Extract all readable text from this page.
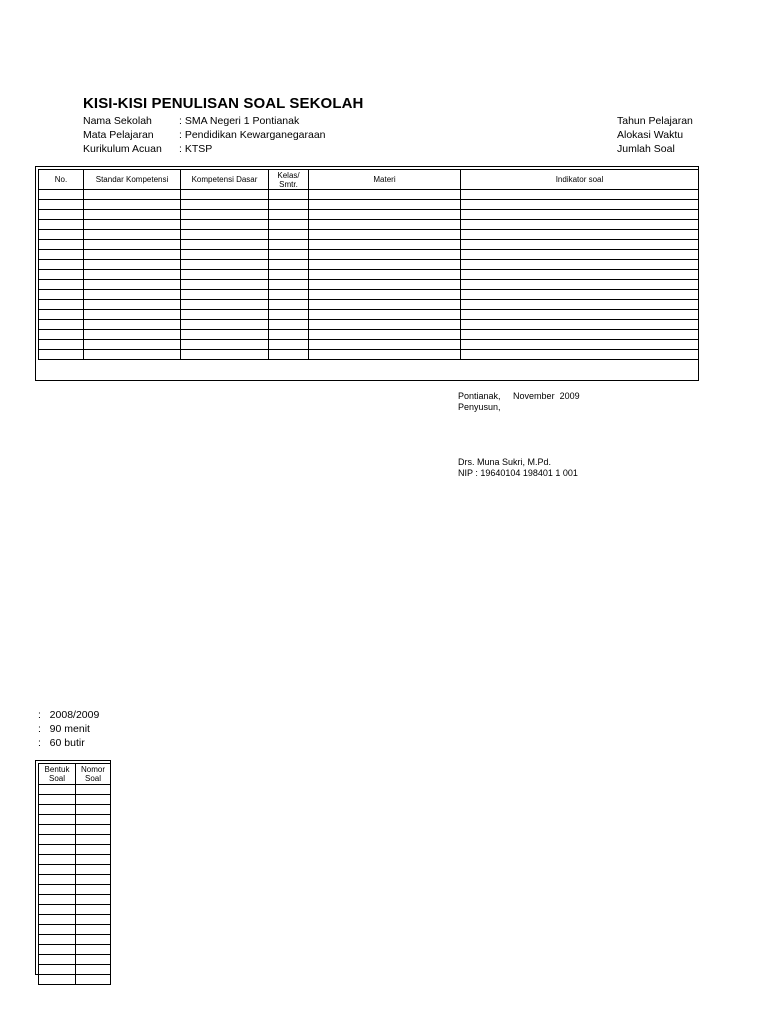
KISI-KISI PENULISAN SOAL SEKOLAH
Nama Sekolah	: SMA Negeri 1 Pontianak
Mata Pelajaran : Pendidikan Kewarganegaraan
Kurikulum Acuan : KTSP
Tahun Pelajaran
Alokasi Waktu
Jumlah Soal
No.	Standar Kompetensi	Kompetensi Dasar	Kelas/ Smtr.	Materi	Indikator soal

Pontianak, November  2009
Penyusun,
Drs. Muna Sukri, M.Pd.
NIP : 19640104 198401 1 001
:   2008/2009
:   90 menit
:   60 butir
Bentuk Soal	Nomor Soal
